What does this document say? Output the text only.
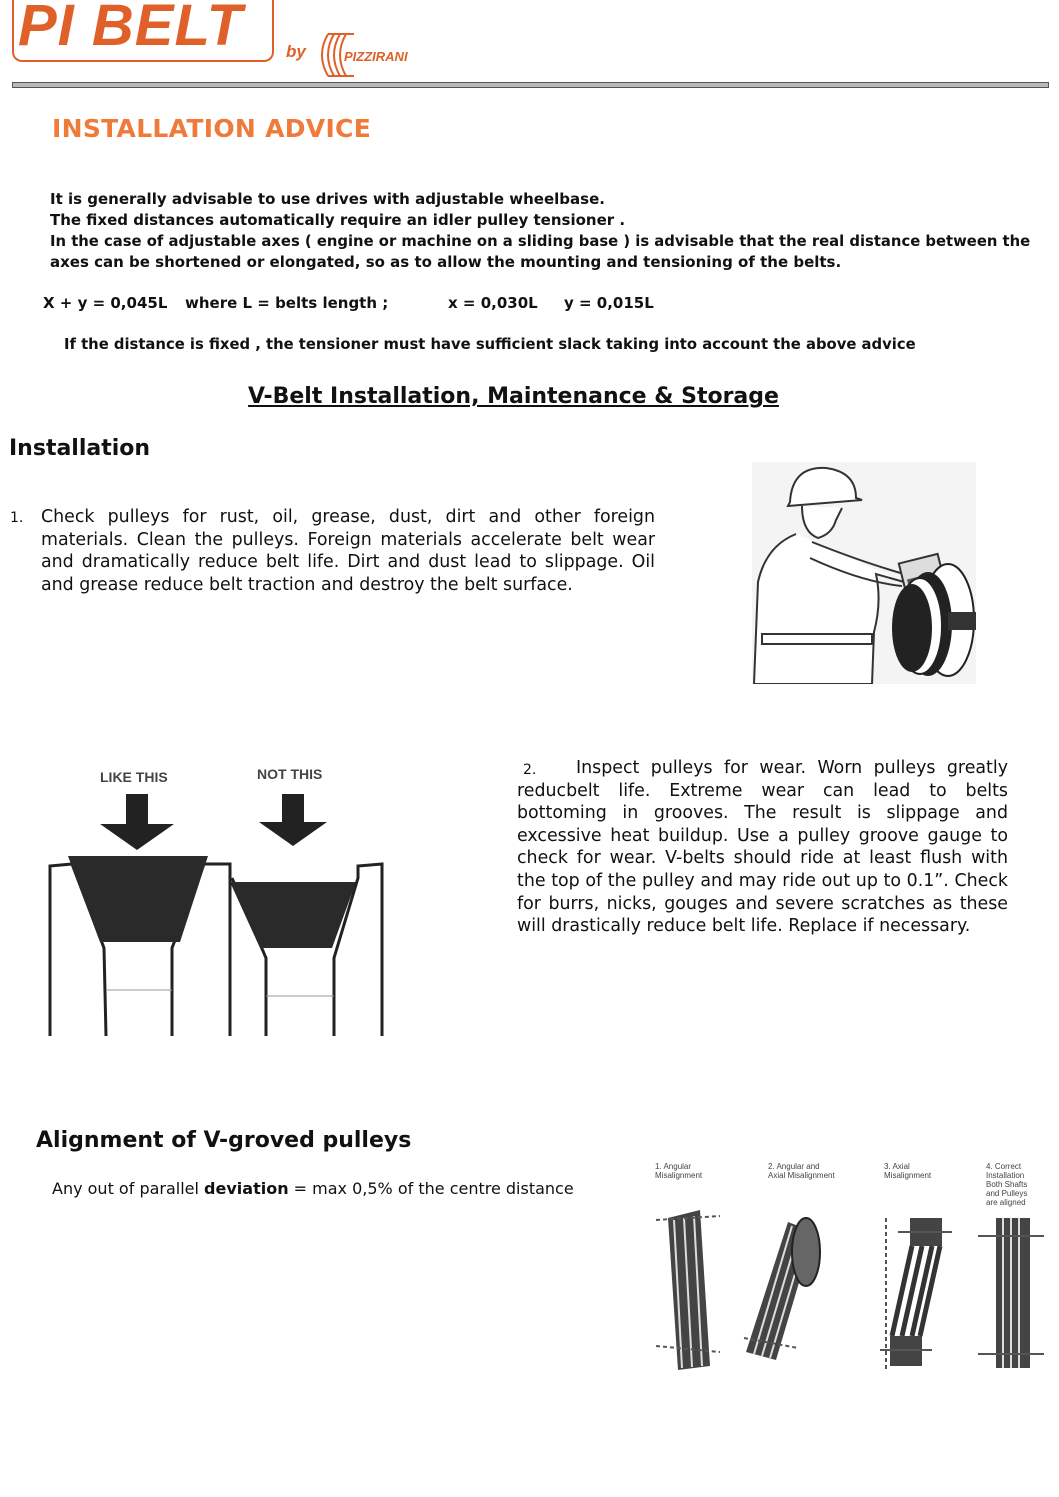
PI BELT	by	PIZZIRANI
INSTALLATION ADVICE
It is generally advisable to use drives with adjustable wheelbase.
The fixed distances automatically require an idler pulley tensioner .
In the case of adjustable axes ( engine or machine on a sliding base ) is advisable that the real distance between the
axes can be shortened or elongated, so as to allow the mounting and tensioning of the belts.
X + y = 0,045L where L = belts length ;	x = 0,030L y = 0,015L
If the distance is fixed , the tensioner must have sufficient slack taking into account the above advice
V-Belt Installation, Maintenance & Storage
Installation
1. Check pulleys for rust, oil, grease, dust, dirt and other foreign materials. Clean the pulleys. Foreign materials accelerate belt wear and dramatically reduce belt life. Dirt and dust lead to slippage. Oil and grease reduce belt traction and destroy the belt surface.
LIKE THIS	NOT THIS	2.	Inspect pulleys for wear. Worn pulleys greatly reducbelt life. Extreme wear can lead to belts bottoming in grooves. The result is slippage and excessive heat buildup. Use a pulley groove gauge to check for wear. V-belts should ride at least flush with the top of the pulley and may ride out up to 0.1”. Check for burrs, nicks, gouges and severe scratches as these will drastically reduce belt life. Replace if necessary.
Alignment of V-groved pulleys
Any out of parallel deviation = max 0,5% of the centre distance
1. Angular
Misalignment
2. Angular and
Axial Misalignment
3. Axial
Misalignment
4. Correct
Installation
Both Shafts
and Pulleys
are aligned
